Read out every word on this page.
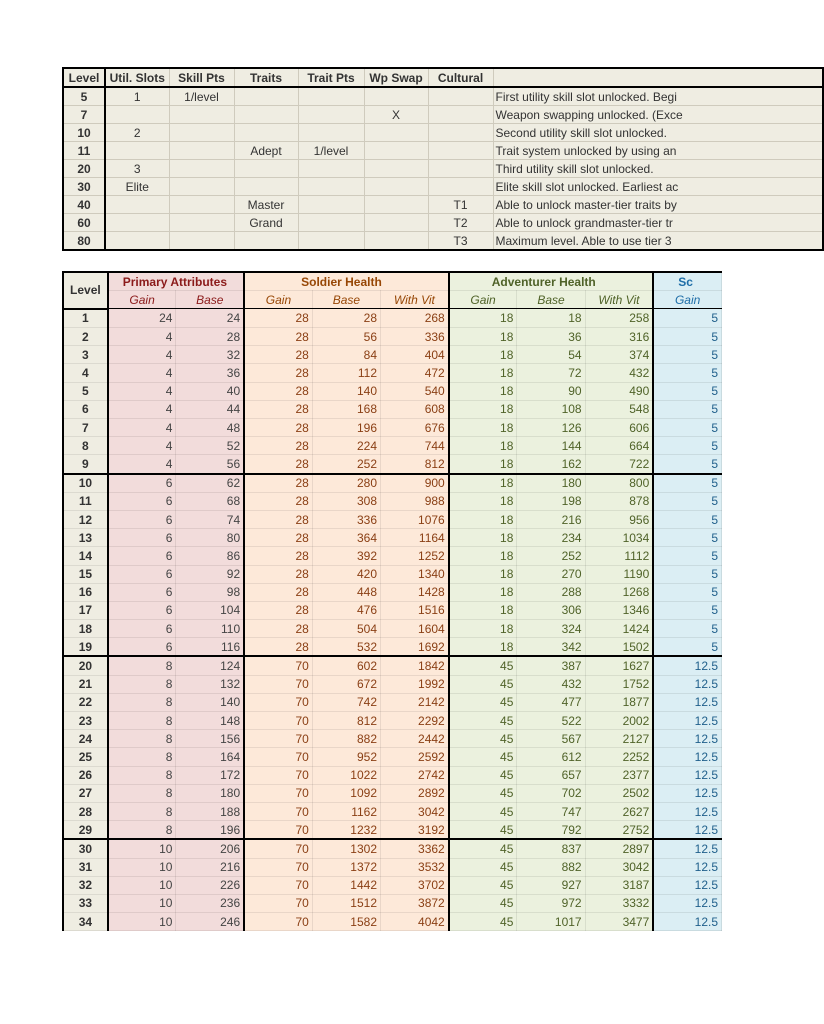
Level	Util. Slots	Skill Pts	Traits	Trait Pts	Wp Swap	Cultural	
5	1	1/level					First utility skill slot unlocked. Begi
7					X		Weapon swapping unlocked. (Exce
10	2						Second utility skill slot unlocked.
11			Adept	1/level			Trait system unlocked by using an
20	3						Third utility skill slot unlocked.
30	Elite						Elite skill slot unlocked. Earliest ac
40			Master			T1	Able to unlock master-tier traits by
60			Grand			T2	Able to unlock grandmaster-tier tr
80						T3	Maximum level. Able to use tier 3
Level	Primary Attributes		Soldier Health			Adventurer Health			Sc
	Gain	Base	Gain	Base	With Vit	Gain	Base	With Vit	Gain
1	24	24	28	28	268	18	18	258	5
2	4	28	28	56	336	18	36	316	5
3	4	32	28	84	404	18	54	374	5
4	4	36	28	112	472	18	72	432	5
5	4	40	28	140	540	18	90	490	5
6	4	44	28	168	608	18	108	548	5
7	4	48	28	196	676	18	126	606	5
8	4	52	28	224	744	18	144	664	5
9	4	56	28	252	812	18	162	722	5
10	6	62	28	280	900	18	180	800	5
11	6	68	28	308	988	18	198	878	5
12	6	74	28	336	1076	18	216	956	5
13	6	80	28	364	1164	18	234	1034	5
14	6	86	28	392	1252	18	252	1112	5
15	6	92	28	420	1340	18	270	1190	5
16	6	98	28	448	1428	18	288	1268	5
17	6	104	28	476	1516	18	306	1346	5
18	6	110	28	504	1604	18	324	1424	5
19	6	116	28	532	1692	18	342	1502	5
20	8	124	70	602	1842	45	387	1627	12.5
21	8	132	70	672	1992	45	432	1752	12.5
22	8	140	70	742	2142	45	477	1877	12.5
23	8	148	70	812	2292	45	522	2002	12.5
24	8	156	70	882	2442	45	567	2127	12.5
25	8	164	70	952	2592	45	612	2252	12.5
26	8	172	70	1022	2742	45	657	2377	12.5
27	8	180	70	1092	2892	45	702	2502	12.5
28	8	188	70	1162	3042	45	747	2627	12.5
29	8	196	70	1232	3192	45	792	2752	12.5
30	10	206	70	1302	3362	45	837	2897	12.5
31	10	216	70	1372	3532	45	882	3042	12.5
32	10	226	70	1442	3702	45	927	3187	12.5
33	10	236	70	1512	3872	45	972	3332	12.5
34	10	246	70	1582	4042	45	1017	3477	12.5
